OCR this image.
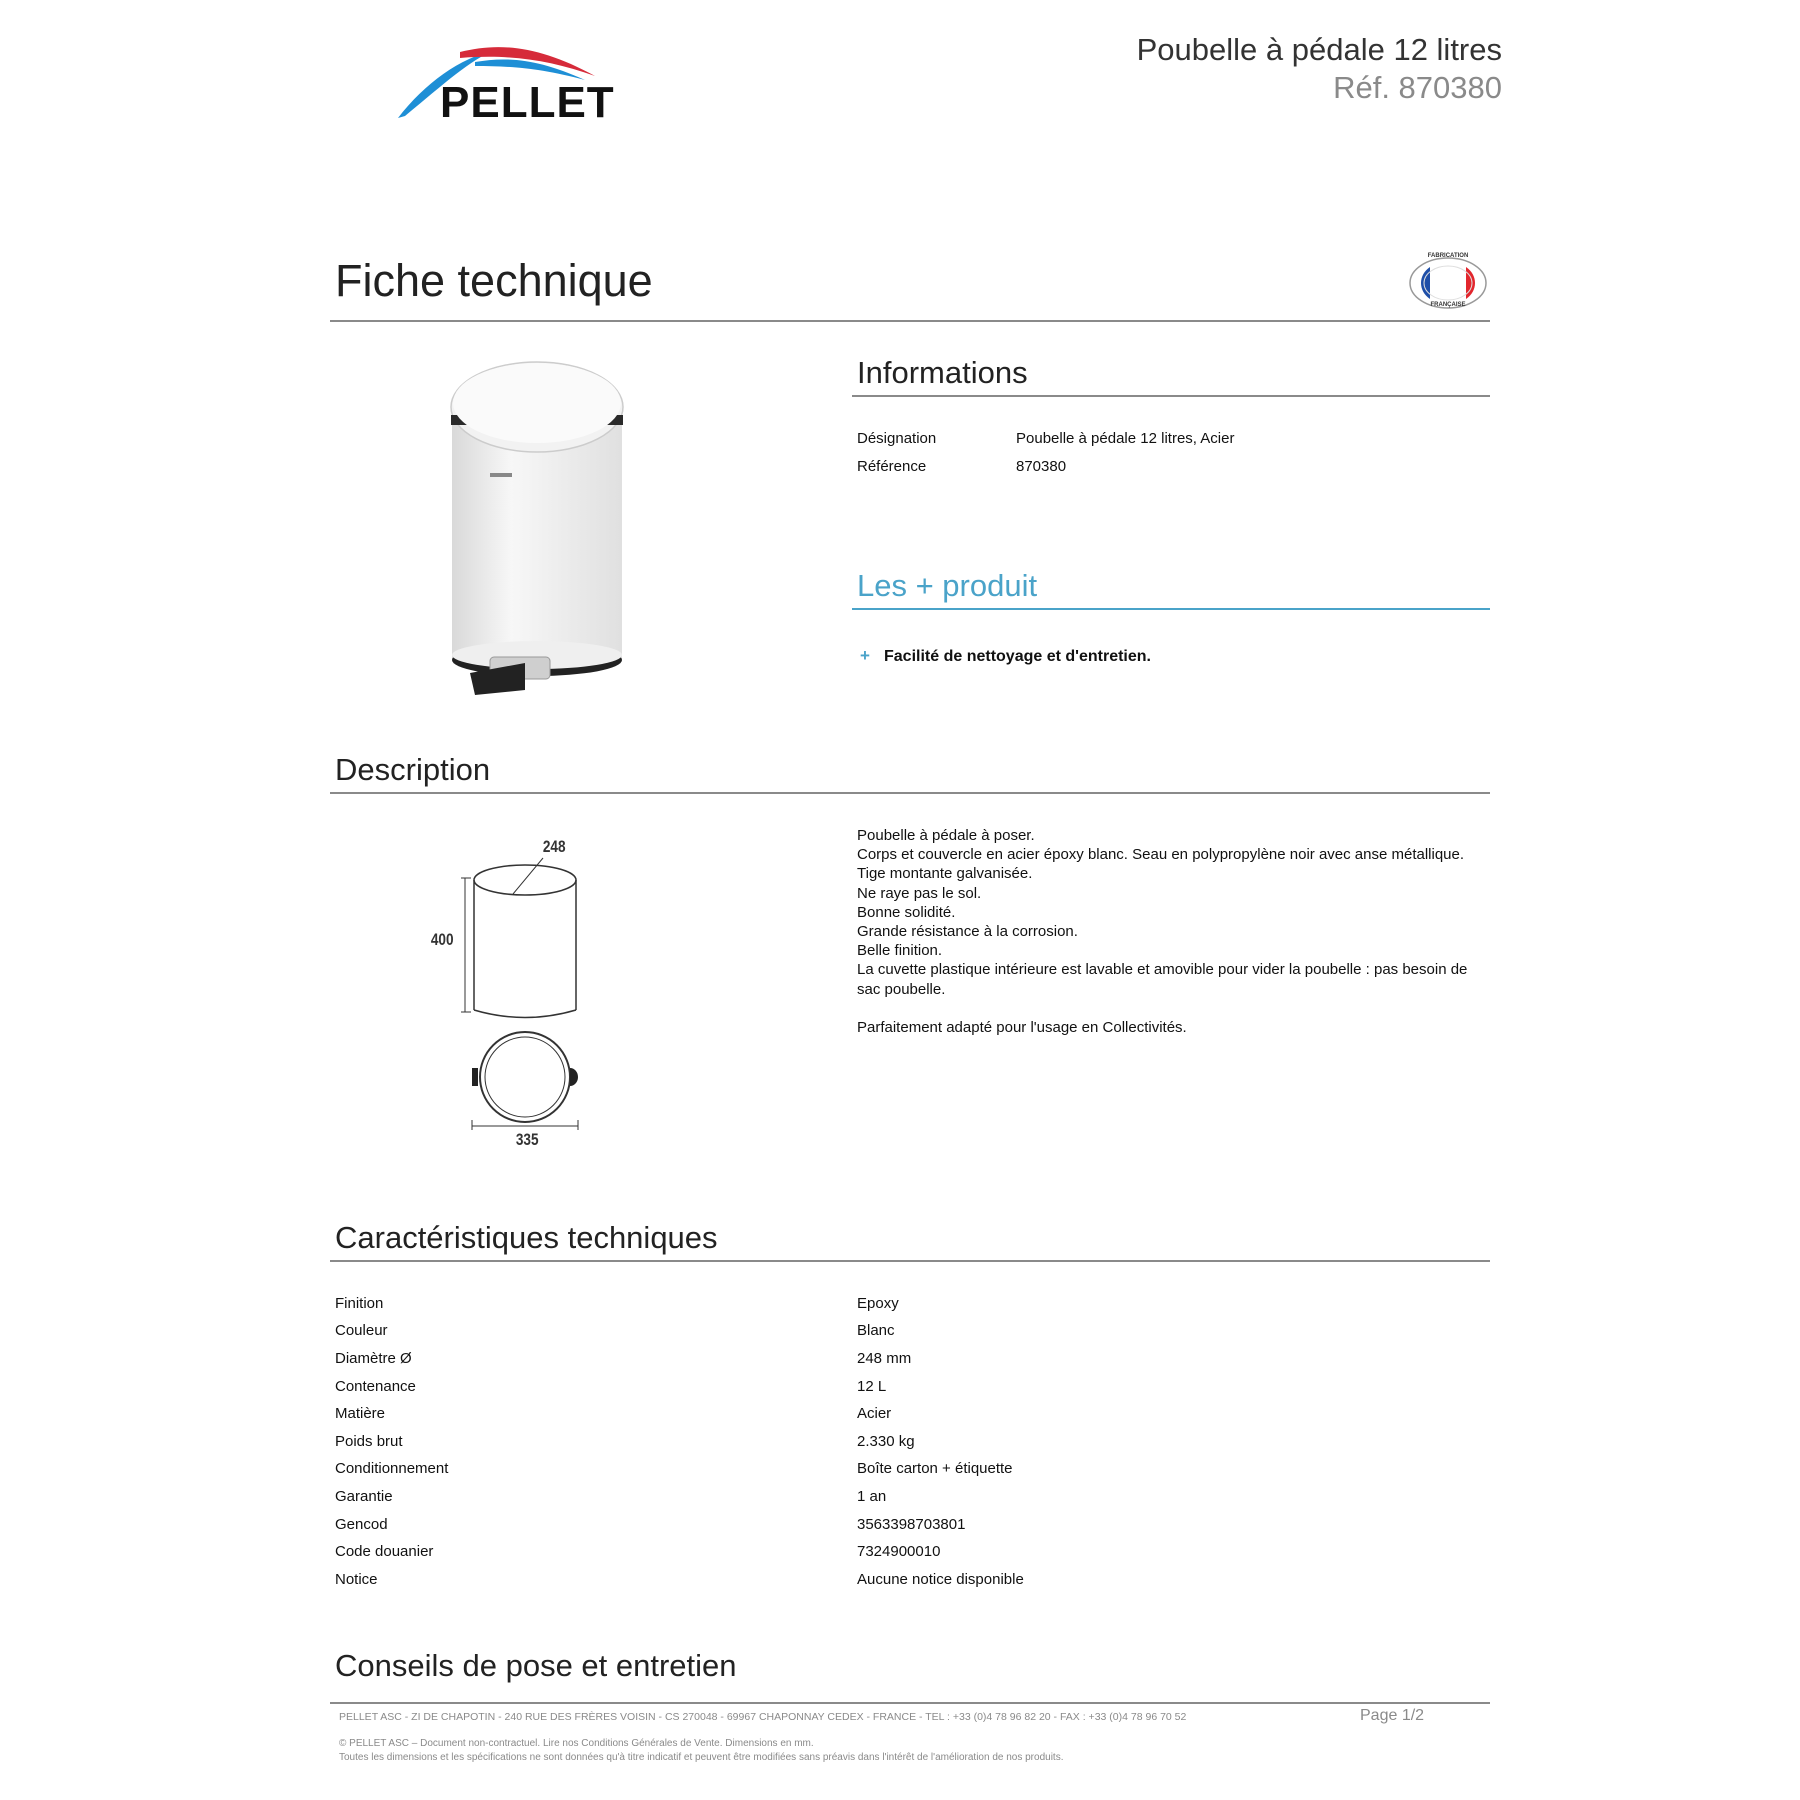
PELLET
Poubelle à pédale 12 litres
Réf. 870380
Fiche technique	FABRICATION
FRANÇAISE
Informations
Désignation	Poubelle à pédale 12 litres, Acier
Référence	870380
Les + produit
+ Facilité de nettoyage et d'entretien.
Description
248
400
335
Poubelle à pédale à poser.
Corps et couvercle en acier époxy blanc. Seau en polypropylène noir avec anse métallique.
Tige montante galvanisée.
Ne raye pas le sol.
Bonne solidité.
Grande résistance à la corrosion.
Belle finition.
La cuvette plastique intérieure est lavable et amovible pour vider la poubelle : pas besoin de
sac poubelle.
Parfaitement adapté pour l'usage en Collectivités.
Caractéristiques techniques
Finition	Epoxy
Couleur	Blanc
Diamètre Ø	248 mm
Contenance	12 L
Matière	Acier
Poids brut	2.330 kg
Conditionnement	Boîte carton + étiquette
Garantie	1 an
Gencod	3563398703801
Code douanier	7324900010
Notice	Aucune notice disponible
Conseils de pose et entretien
PELLET ASC - ZI DE CHAPOTIN - 240 RUE DES FRÈRES VOISIN - CS 270048 - 69967 CHAPONNAY CEDEX - FRANCE - TEL : +33 (0)4 78 96 82 20 - FAX : +33 (0)4 78 96 70 52	Page 1/2
© PELLET ASC – Document non-contractuel. Lire nos Conditions Générales de Vente. Dimensions en mm.
Toutes les dimensions et les spécifications ne sont données qu'à titre indicatif et peuvent être modifiées sans préavis dans l'intérêt de l'amélioration de nos produits.
